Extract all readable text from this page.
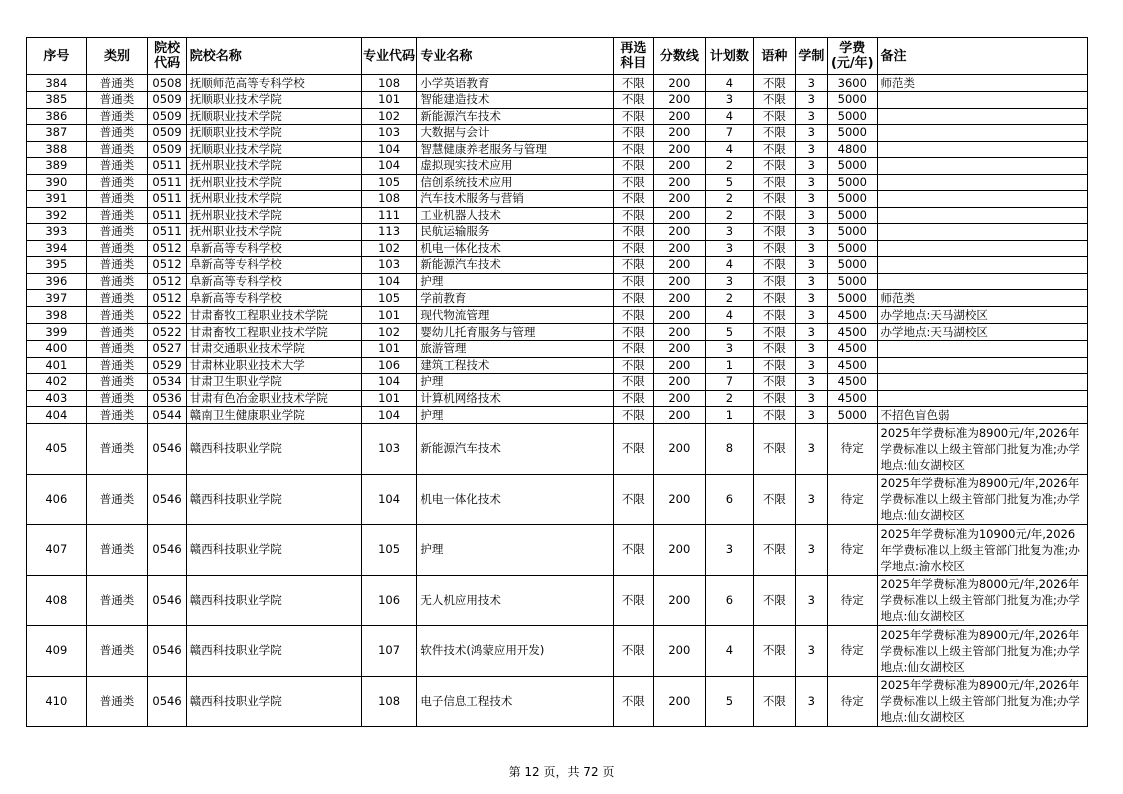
序号	类别	院校代码	院校名称	专业代码	专业名称	再选科目	分数线	计划数	语种	学制	学费(元/年)	备注
384	普通类	0508	抚顺师范高等专科学校	108	小学英语教育	不限	200	4	不限	3	3600	师范类
385	普通类	0509	抚顺职业技术学院	101	智能建造技术	不限	200	3	不限	3	5000	
386	普通类	0509	抚顺职业技术学院	102	新能源汽车技术	不限	200	4	不限	3	5000	
387	普通类	0509	抚顺职业技术学院	103	大数据与会计	不限	200	7	不限	3	5000	
388	普通类	0509	抚顺职业技术学院	104	智慧健康养老服务与管理	不限	200	4	不限	3	4800	
389	普通类	0511	抚州职业技术学院	104	虚拟现实技术应用	不限	200	2	不限	3	5000	
390	普通类	0511	抚州职业技术学院	105	信创系统技术应用	不限	200	5	不限	3	5000	
391	普通类	0511	抚州职业技术学院	108	汽车技术服务与营销	不限	200	2	不限	3	5000	
392	普通类	0511	抚州职业技术学院	111	工业机器人技术	不限	200	2	不限	3	5000	
393	普通类	0511	抚州职业技术学院	113	民航运输服务	不限	200	3	不限	3	5000	
394	普通类	0512	阜新高等专科学校	102	机电一体化技术	不限	200	3	不限	3	5000	
395	普通类	0512	阜新高等专科学校	103	新能源汽车技术	不限	200	4	不限	3	5000	
396	普通类	0512	阜新高等专科学校	104	护理	不限	200	3	不限	3	5000	
397	普通类	0512	阜新高等专科学校	105	学前教育	不限	200	2	不限	3	5000	师范类
398	普通类	0522	甘肃畜牧工程职业技术学院	101	现代物流管理	不限	200	4	不限	3	4500	办学地点:天马湖校区
399	普通类	0522	甘肃畜牧工程职业技术学院	102	婴幼儿托育服务与管理	不限	200	5	不限	3	4500	办学地点:天马湖校区
400	普通类	0527	甘肃交通职业技术学院	101	旅游管理	不限	200	3	不限	3	4500	
401	普通类	0529	甘肃林业职业技术大学	106	建筑工程技术	不限	200	1	不限	3	4500	
402	普通类	0534	甘肃卫生职业学院	104	护理	不限	200	7	不限	3	4500	
403	普通类	0536	甘肃有色冶金职业技术学院	101	计算机网络技术	不限	200	2	不限	3	4500	
404	普通类	0544	赣南卫生健康职业学院	104	护理	不限	200	1	不限	3	5000	不招色盲色弱
405	普通类	0546	赣西科技职业学院	103	新能源汽车技术	不限	200	8	不限	3	待定	2025年学费标准为8900元/年,2026年学费标准以上级主管部门批复为准;办学地点:仙女湖校区
406	普通类	0546	赣西科技职业学院	104	机电一体化技术	不限	200	6	不限	3	待定	2025年学费标准为8900元/年,2026年学费标准以上级主管部门批复为准;办学地点:仙女湖校区
407	普通类	0546	赣西科技职业学院	105	护理	不限	200	3	不限	3	待定	2025年学费标准为10900元/年,2026年学费标准以上级主管部门批复为准;办学地点:渝水校区
408	普通类	0546	赣西科技职业学院	106	无人机应用技术	不限	200	6	不限	3	待定	2025年学费标准为8000元/年,2026年学费标准以上级主管部门批复为准;办学地点:仙女湖校区
409	普通类	0546	赣西科技职业学院	107	软件技术(鸿蒙应用开发)	不限	200	4	不限	3	待定	2025年学费标准为8900元/年,2026年学费标准以上级主管部门批复为准;办学地点:仙女湖校区
410	普通类	0546	赣西科技职业学院	108	电子信息工程技术	不限	200	5	不限	3	待定	2025年学费标准为8900元/年,2026年学费标准以上级主管部门批复为准;办学地点:仙女湖校区
第 12 页，共 72 页
